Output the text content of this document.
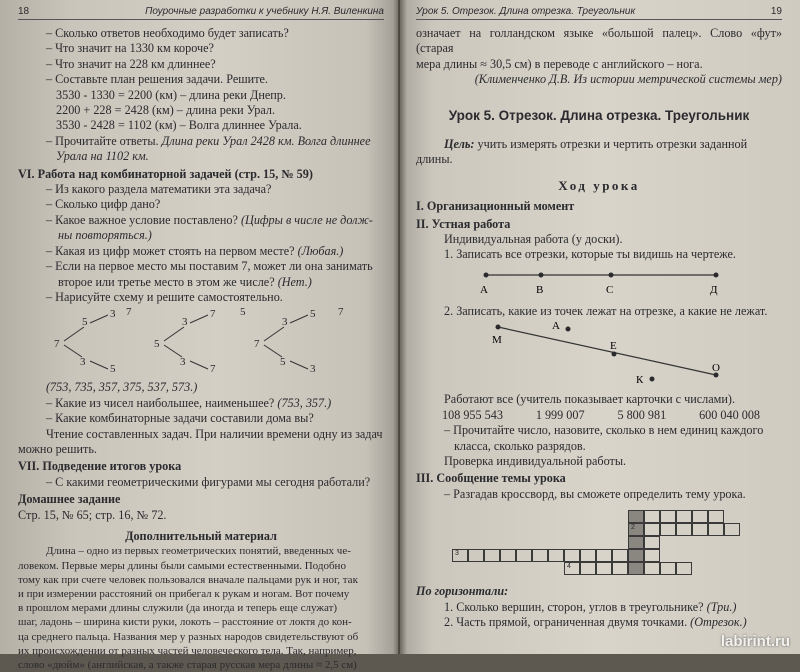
18	Поурочные разработки к учебнику Н.Я. Виленкина

– Сколько ответов необходимо будет записать?

– Что значит на 1330 км короче?

– Что значит на 228 км длиннее?

– Составьте план решения задачи. Решите.

3530 - 1330 = 2200 (км) – длина реки Днепр.

2200 + 228 = 2428 (км) – длина реки Урал.

3530 - 2428 = 1102 (км) – Волга длиннее Урала.

– Прочитайте ответы. Длина реки Урал 2428 км. Волга длиннее

Урала на 1102 км.

VI. Работа над комбинаторной задачей (стр. 15, № 59)

– Из какого раздела математики эта задача?

– Сколько цифр дано?

– Какое важное условие поставлено? (Цифры в числе не долж-

ны повторяться.)

– Какая из цифр может стоять на первом месте? (Любая.)

– Если на первое место мы поставим 7, может ли она занимать

второе или третье место в этом же числе? (Нет.)

– Нарисуйте схему и решите самостоятельно.

7
5
3
3
5
7
5
3
7
3
7
5
7
3
5
5
3
7

(753, 735, 357, 375, 537, 573.)

– Какие из чисел наибольшее, наименьшее? (753, 357.)

– Какие комбинаторные задачи составили дома вы?

Чтение составленных задач. При наличии времени одну из задач

можно решить.

VII. Подведение итогов урока

– С какими геометрическими фигурами мы сегодня работали?

Домашнее задание

Стр. 15, № 65; стр. 16, № 72.

Дополнительный материал

Длина – одно из первых геометрических понятий, введенных че-

ловеком. Первые меры длины были самыми естественными. Подобно

тому как при счете человек пользовался вначале пальцами рук и ног, так

и при измерении расстояний он прибегал к рукам и ногам. Вот почему

в прошлом мерами длины служили (да иногда и теперь еще служат)

шаг, ладонь – ширина кисти руки, локоть – расстояние от локтя до кон-

ца среднего пальца. Названия мер у разных народов свидетельствуют об

их происхождении от разных частей человеческого тела. Так, например,

слово «дюйм» (английская, а также старая русская мера длины ≈ 2,5 см)

Урок 5. Отрезок. Длина отрезка. Треугольник	19

означает на голландском языке «большой палец». Слово «фут» (старая

мера длины ≈ 30,5 см) в переводе с английского – нога.

(Клименченко Д.В. Из истории метрической системы мер)

Урок 5. Отрезок. Длина отрезка. Треугольник

Цель: учить измерять отрезки и чертить отрезки заданной

длины.

Ход урока

I. Организационный момент

II. Устная работа

Индивидуальная работа (у доски).

1. Записать все отрезки, которые ты видишь на чертеже.

А	В	С	Д

2. Записать, какие из точек лежат на отрезке, а какие не лежат.

М
А
Е
К
О

Работают все (учитель показывает карточки с числами).

108 955 543	1 999 007	5 800 981	600 040 008

– Прочитайте число, назовите, сколько в нем единиц каждого

класса, сколько разрядов.

Проверка индивидуальной работы.

III. Сообщение темы урока

– Разгадав кроссворд, вы сможете определить тему урока.

2
3
4

По горизонтали:

1. Сколько вершин, сторон, углов в треугольнике? (Три.)

2. Часть прямой, ограниченная двумя точками. (Отрезок.)

labirint.ru
